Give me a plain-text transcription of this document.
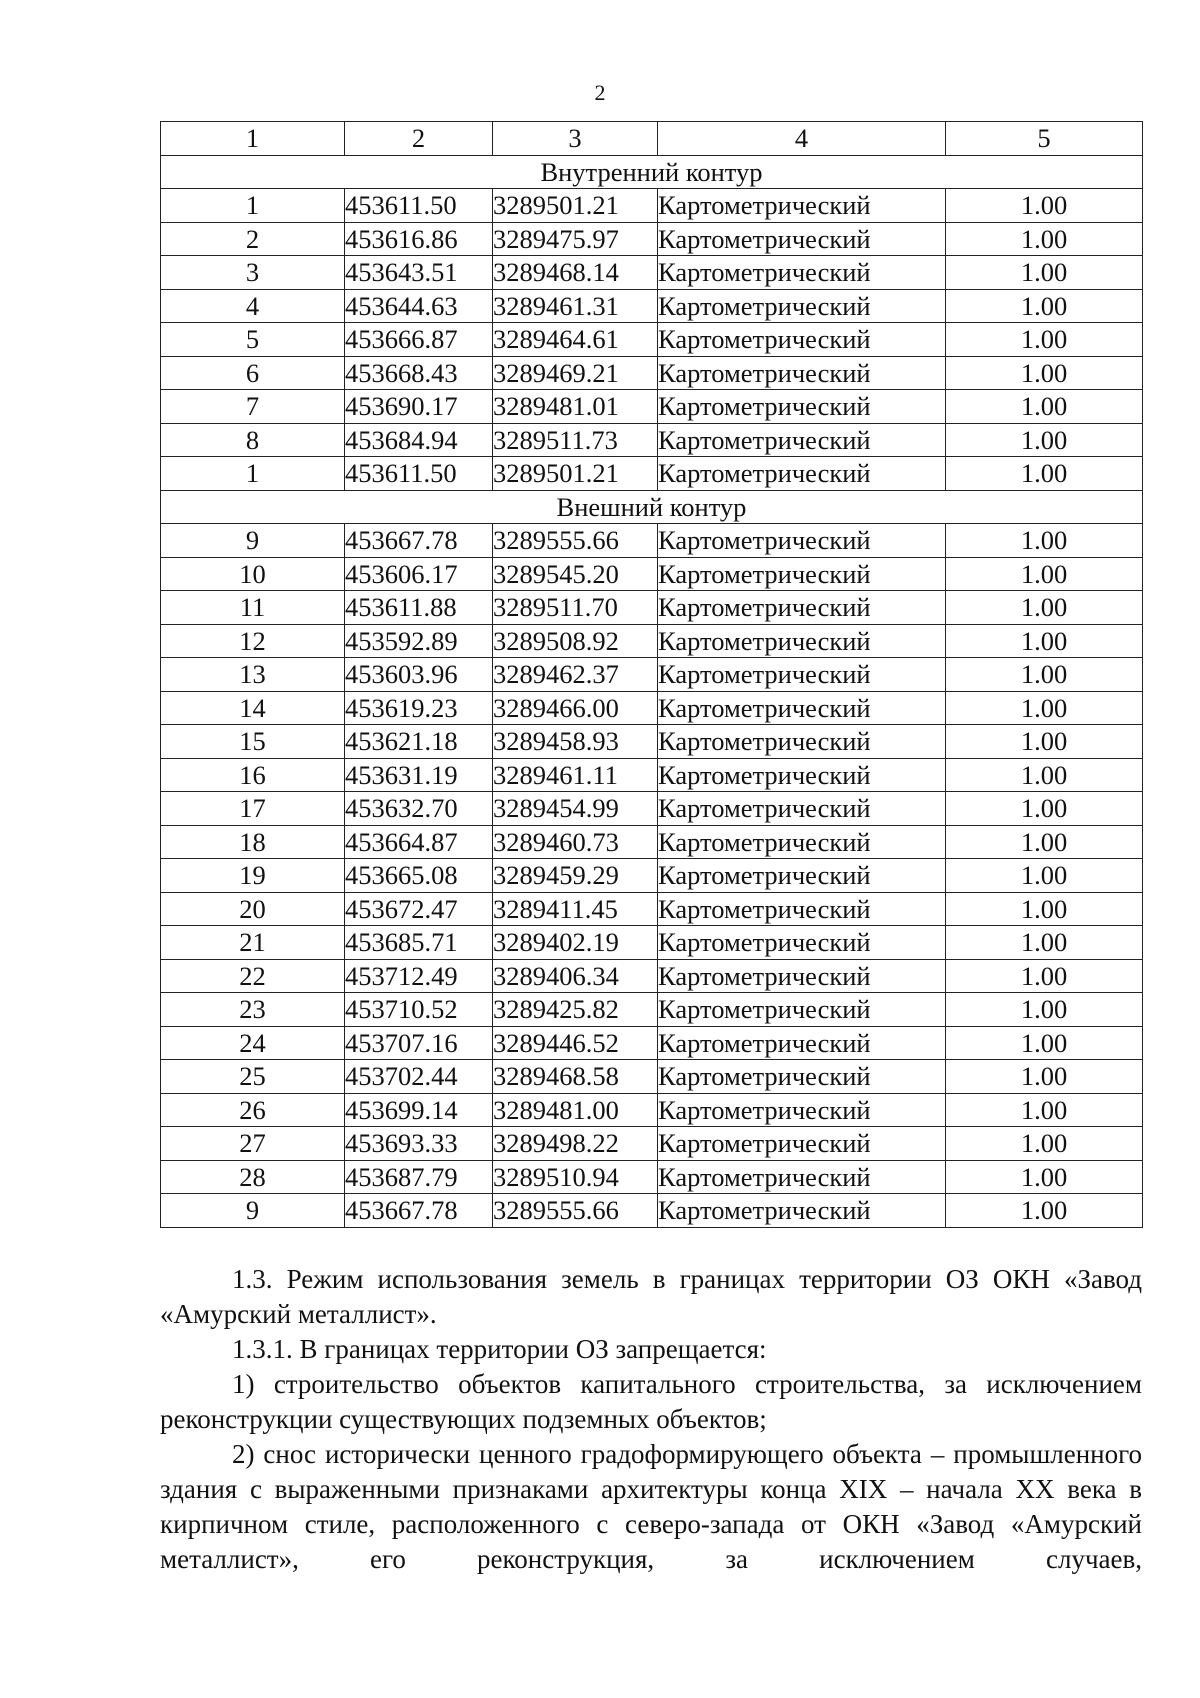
2
1	2	3	4	5
Внутренний контур				
1	453611.50	3289501.21	Картометрический	1.00
2	453616.86	3289475.97	Картометрический	1.00
3	453643.51	3289468.14	Картометрический	1.00
4	453644.63	3289461.31	Картометрический	1.00
5	453666.87	3289464.61	Картометрический	1.00
6	453668.43	3289469.21	Картометрический	1.00
7	453690.17	3289481.01	Картометрический	1.00
8	453684.94	3289511.73	Картометрический	1.00
1	453611.50	3289501.21	Картометрический	1.00
Внешний контур				
9	453667.78	3289555.66	Картометрический	1.00
10	453606.17	3289545.20	Картометрический	1.00
11	453611.88	3289511.70	Картометрический	1.00
12	453592.89	3289508.92	Картометрический	1.00
13	453603.96	3289462.37	Картометрический	1.00
14	453619.23	3289466.00	Картометрический	1.00
15	453621.18	3289458.93	Картометрический	1.00
16	453631.19	3289461.11	Картометрический	1.00
17	453632.70	3289454.99	Картометрический	1.00
18	453664.87	3289460.73	Картометрический	1.00
19	453665.08	3289459.29	Картометрический	1.00
20	453672.47	3289411.45	Картометрический	1.00
21	453685.71	3289402.19	Картометрический	1.00
22	453712.49	3289406.34	Картометрический	1.00
23	453710.52	3289425.82	Картометрический	1.00
24	453707.16	3289446.52	Картометрический	1.00
25	453702.44	3289468.58	Картометрический	1.00
26	453699.14	3289481.00	Картометрический	1.00
27	453693.33	3289498.22	Картометрический	1.00
28	453687.79	3289510.94	Картометрический	1.00
9	453667.78	3289555.66	Картометрический	1.00

1.3. Режим использования земель в границах территории ОЗ ОКН «Завод «Амурский металлист».

1.3.1. В границах территории ОЗ запрещается:

1) строительство объектов капитального строительства, за исключением реконструкции существующих подземных объектов;

2) снос исторически ценного градоформирующего объекта – промышленного здания с выраженными признаками архитектуры конца XIX – начала XX века в кирпичном стиле, расположенного с северо-запада от ОКН «Завод «Амурский металлист», его реконструкция, за исключением случаев,
